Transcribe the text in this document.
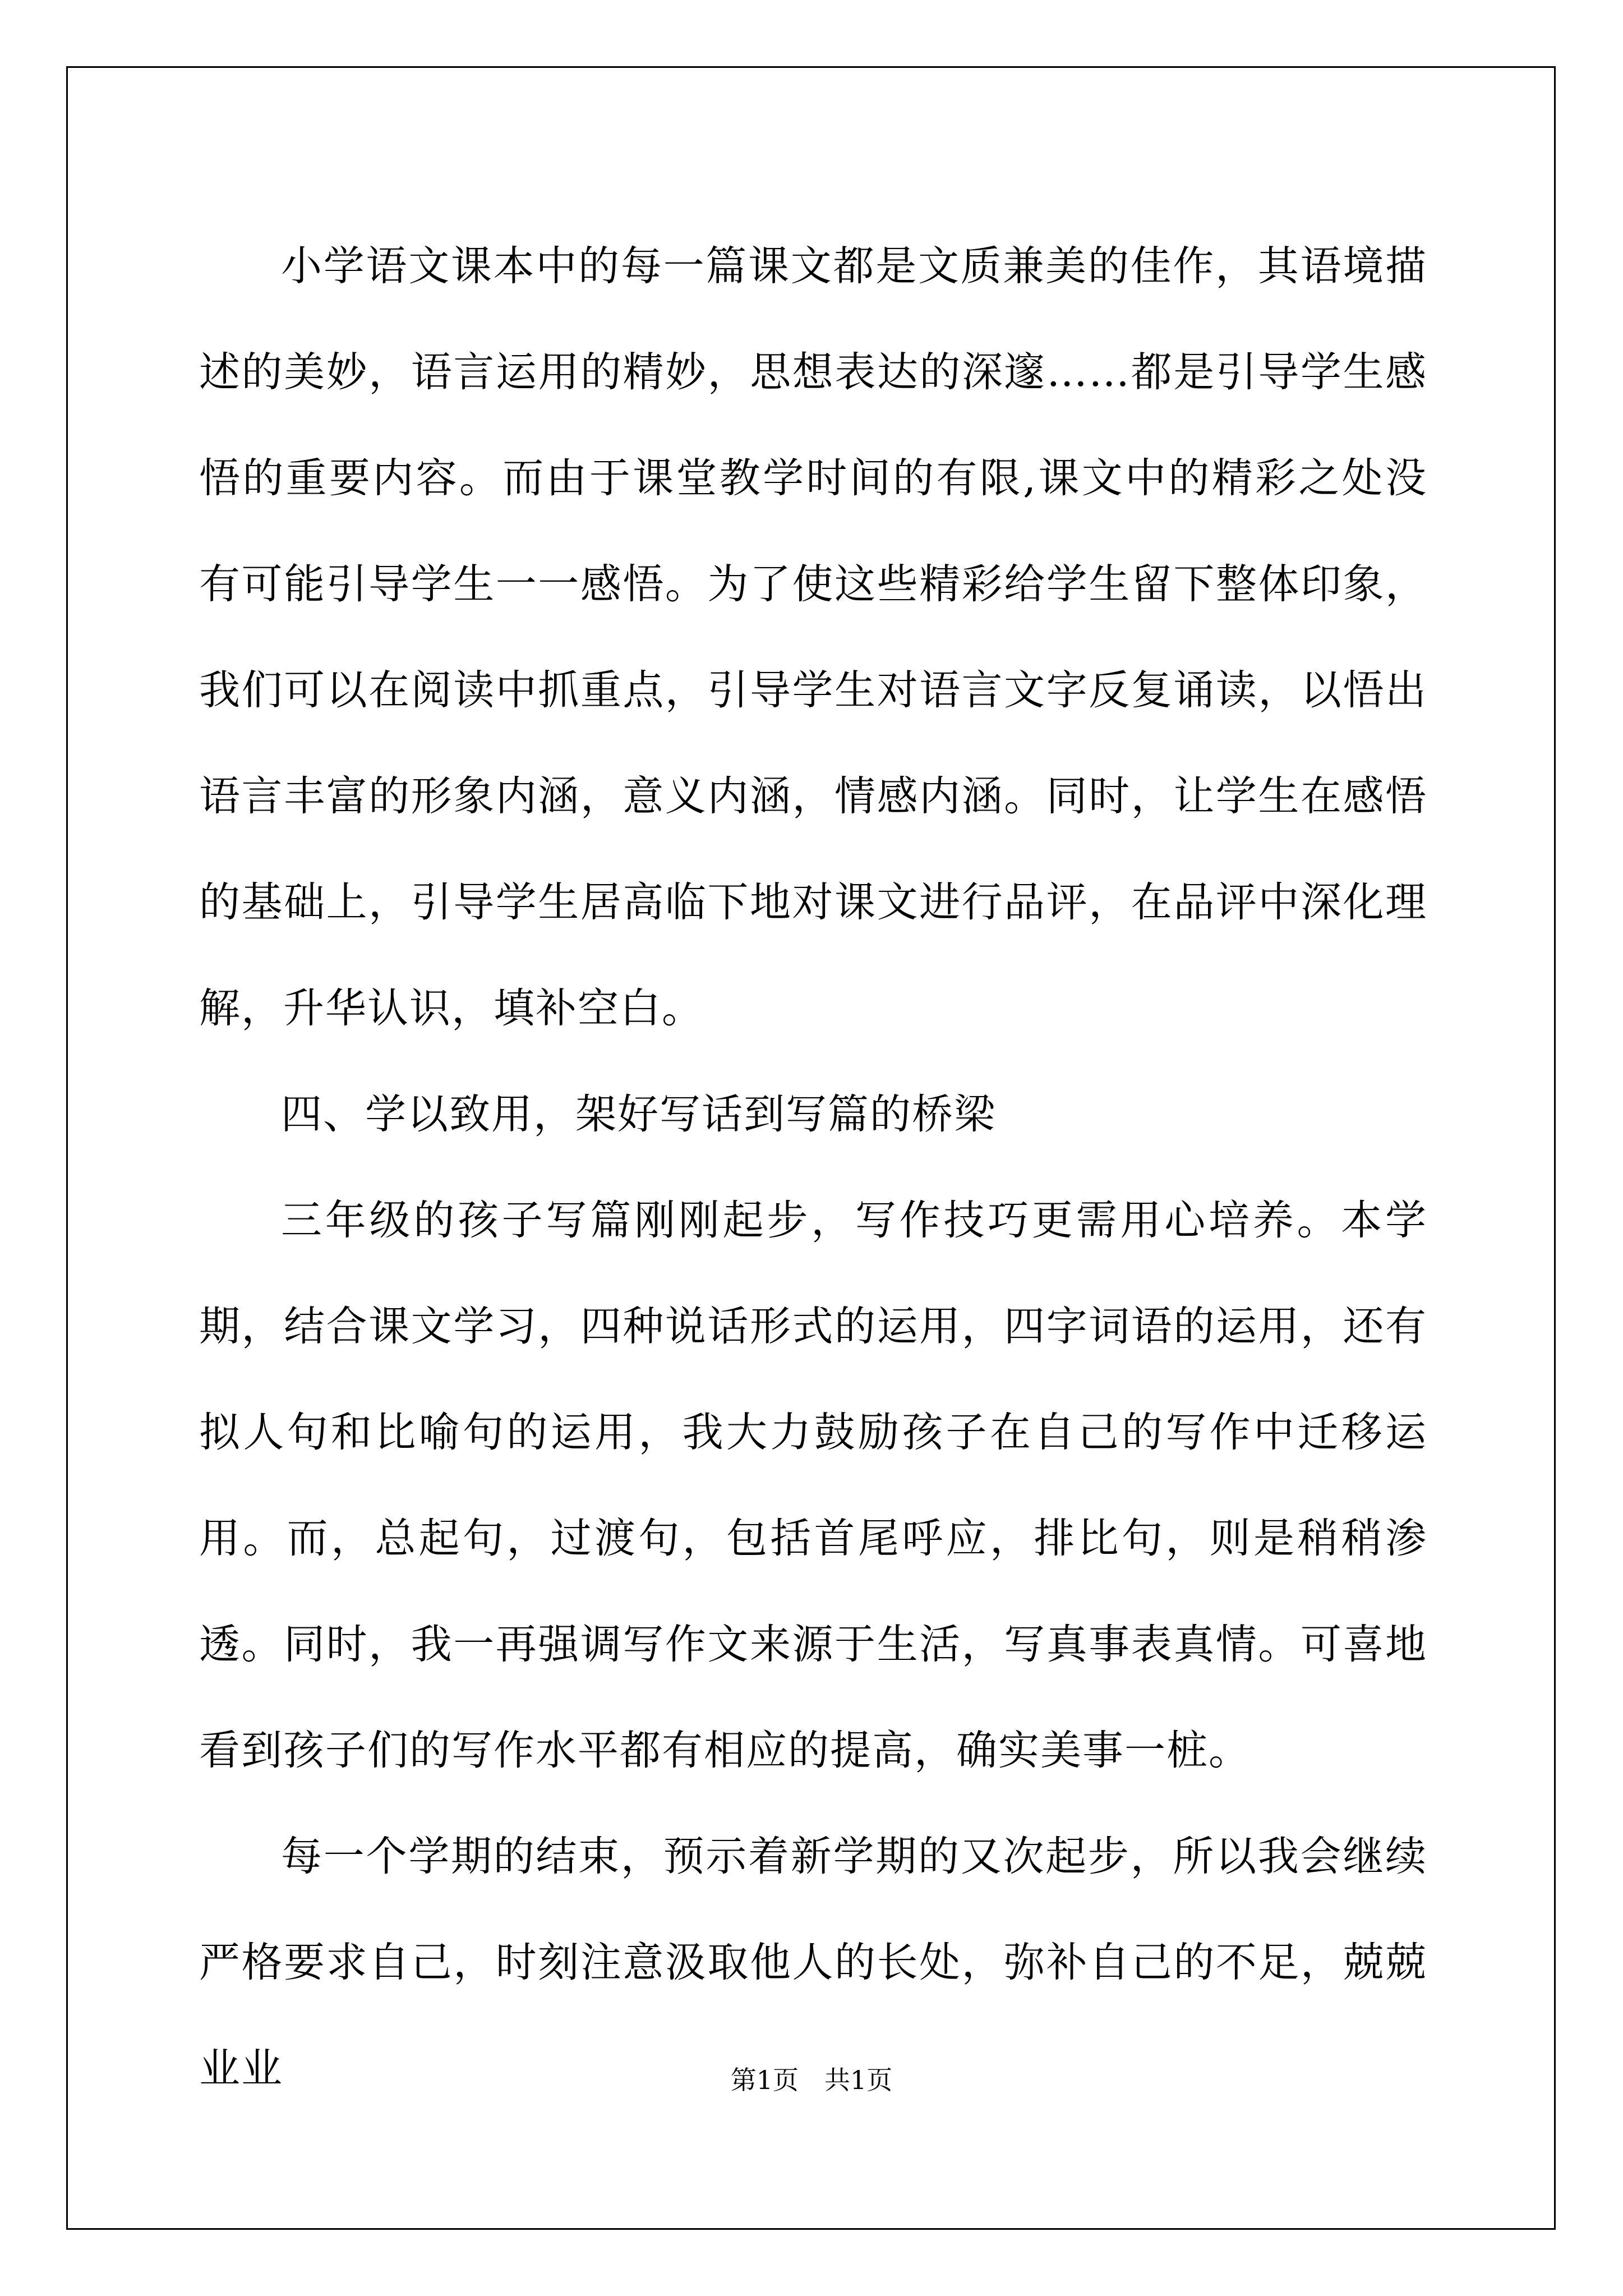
小学语文课本中的每一篇课文都是文质兼美的佳作，其语境描述的美妙，语言运用的精妙，思想表达的深邃……都是引导学生感悟的重要内容。而由于课堂教学时间的有限,课文中的精彩之处没有可能引导学生一一感悟。为了使这些精彩给学生留下整体印象，我们可以在阅读中抓重点，引导学生对语言文字反复诵读，以悟出语言丰富的形象内涵，意义内涵，情感内涵。同时，让学生在感悟的基础上，引导学生居高临下地对课文进行品评，在品评中深化理解，升华认识，填补空白。

四、学以致用，架好写话到写篇的桥梁

三年级的孩子写篇刚刚起步，写作技巧更需用心培养。本学期，结合课文学习，四种说话形式的运用，四字词语的运用，还有拟人句和比喻句的运用，我大力鼓励孩子在自己的写作中迁移运用。而，总起句，过渡句，包括首尾呼应，排比句，则是稍稍渗透。同时，我一再强调写作文来源于生活，写真事表真情。可喜地看到孩子们的写作水平都有相应的提高，确实美事一桩。

每一个学期的结束，预示着新学期的又次起步，所以我会继续严格要求自己，时刻注意汲取他人的长处，弥补自己的不足，兢兢业业	第1页　共1页
